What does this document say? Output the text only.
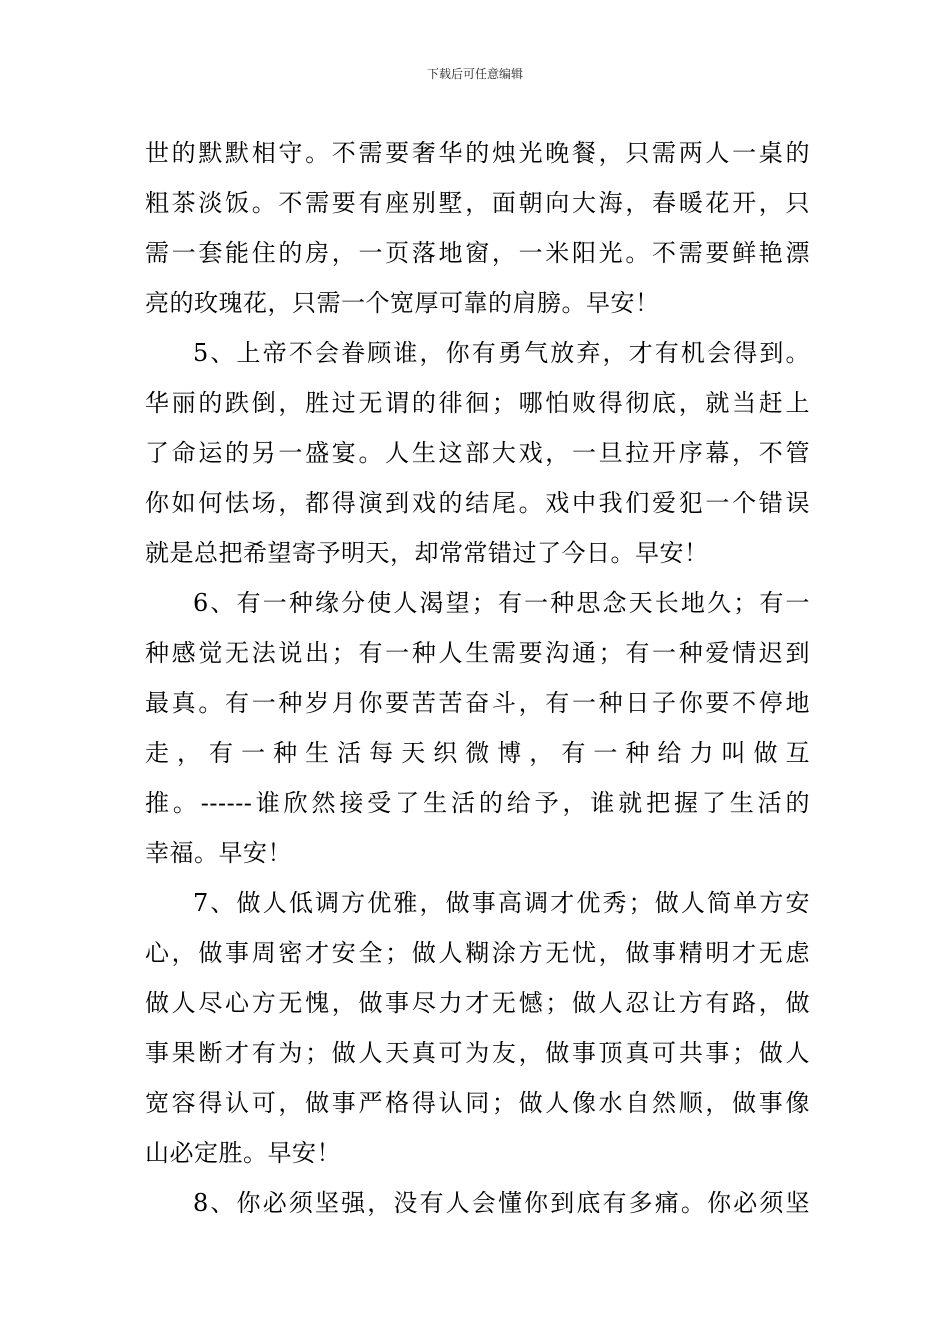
下载后可任意编辑
世的默默相守。不需要奢华的烛光晚餐，只需两人一桌的
粗茶淡饭。不需要有座别墅，面朝向大海，春暖花开，只
需一套能住的房，一页落地窗，一米阳光。不需要鲜艳漂
亮的玫瑰花，只需一个宽厚可靠的肩膀。早安！
5、上帝不会眷顾谁，你有勇气放弃，才有机会得到。
华丽的跌倒，胜过无谓的徘徊；哪怕败得彻底，就当赶上
了命运的另一盛宴。人生这部大戏，一旦拉开序幕，不管
你如何怯场，都得演到戏的结尾。戏中我们爱犯一个错误
就是总把希望寄予明天，却常常错过了今日。早安！
6、有一种缘分使人渴望；有一种思念天长地久；有一
种感觉无法说出；有一种人生需要沟通；有一种爱情迟到
最真。有一种岁月你要苦苦奋斗，有一种日子你要不停地
走，有一种生活每天织微博，有一种给力叫做互
推。------谁欣然接受了生活的给予，谁就把握了生活的
幸福。早安！
7、做人低调方优雅，做事高调才优秀；做人简单方安
心，做事周密才安全；做人糊涂方无忧，做事精明才无虑
做人尽心方无愧，做事尽力才无憾；做人忍让方有路，做
事果断才有为；做人天真可为友，做事顶真可共事；做人
宽容得认可，做事严格得认同；做人像水自然顺，做事像
山必定胜。早安！
8、你必须坚强，没有人会懂你到底有多痛。你必须坚
